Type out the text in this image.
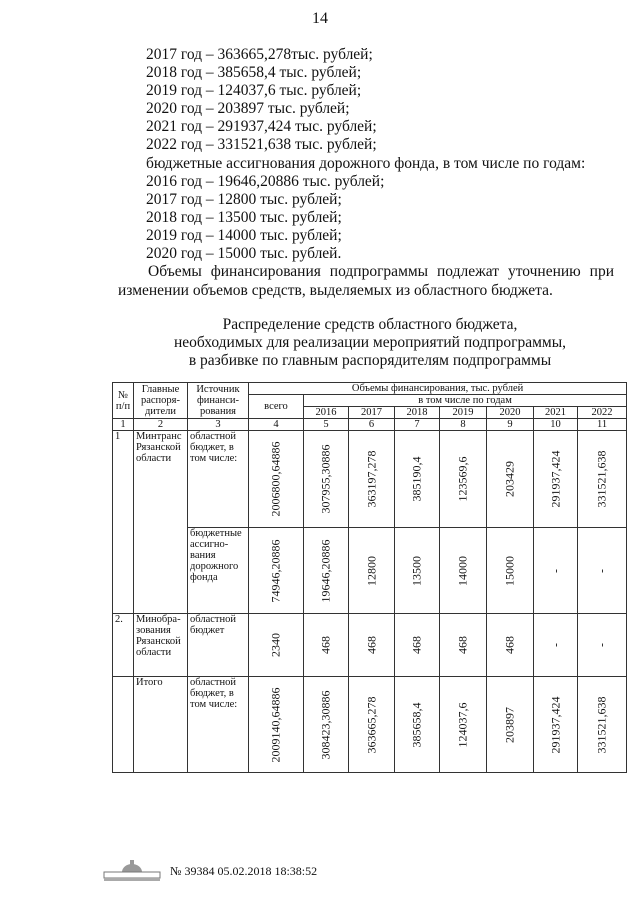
14
2017 год – 363665,278тыс. рублей;
2018 год – 385658,4 тыс. рублей;
2019 год – 124037,6 тыс. рублей;
2020 год – 203897 тыс. рублей;
2021 год – 291937,424 тыс. рублей;
2022 год – 331521,638 тыс. рублей;
бюджетные ассигнования дорожного фонда, в том числе по годам:
2016 год – 19646,20886 тыс. рублей;
2017 год – 12800 тыс. рублей;
2018 год – 13500 тыс. рублей;
2019 год – 14000 тыс. рублей;
2020 год – 15000 тыс. рублей.
Объемы финансирования подпрограммы подлежат уточнению при изменении объемов средств, выделяемых из областного бюджета.
Распределение средств областного бюджета,
необходимых для реализации мероприятий подпрограммы,
в разбивке по главным распорядителям подпрограммы
№ п/п	Главные распоря-дители	Источник финанси-рования	Объемы финансирования, тыс. рублей							
			всего	в том числе по годам						
				2016	2017	2018	2019	2020	2021	2022
1	2	3	4	5	6	7	8	9	10	11
1	Минтранс Рязанской области	областной бюджет, в том числе:	2006800,64886	307955,30886	363197,278	385190,4	123569,6	203429	291937,424	331521,638

		бюджетные ассигно-вания дорожного фонда	74946,20886	19646,20886	12800	13500	14000	15000	-	-

2.	Минобра-зования Рязанской области	областной бюджет	2340	468	468	468	468	468	-	-

	Итого	областной бюджет, в том числе:	2009140,64886	308423,30886	363665,278	385658,4	124037,6	203897	291937,424	331521,638
№ 39384 05.02.2018 18:38:52
